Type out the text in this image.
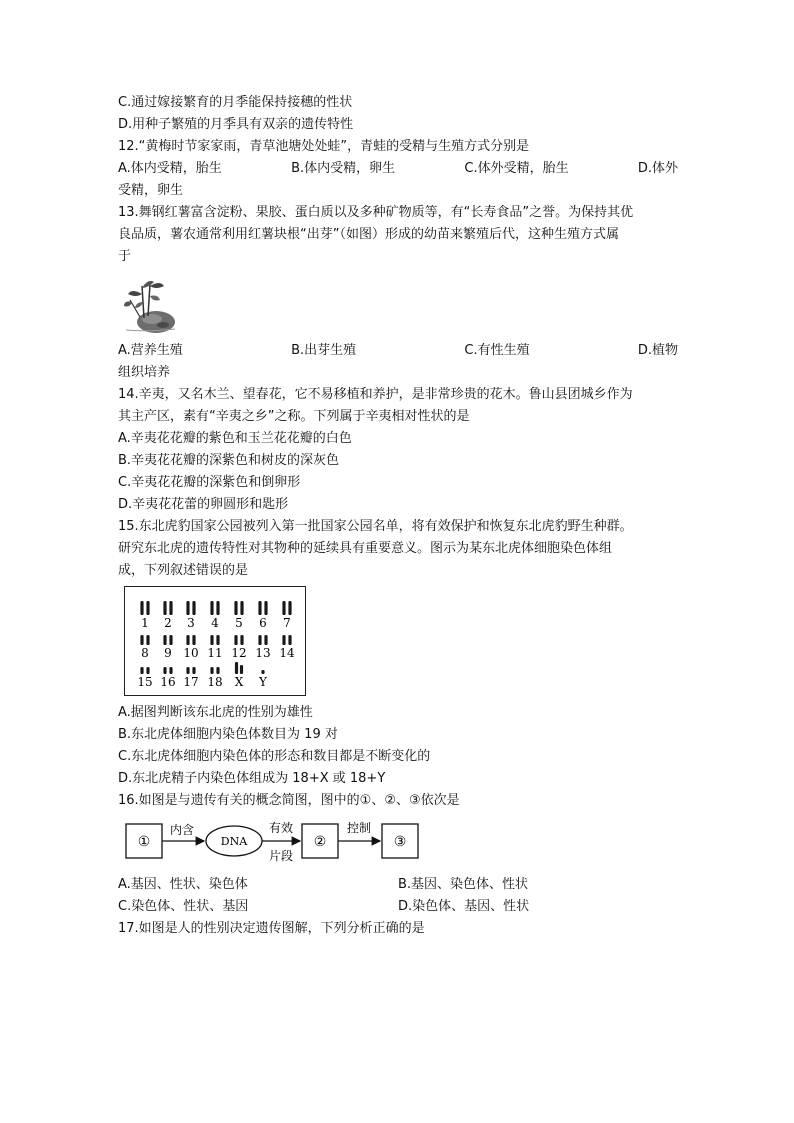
C.通过嫁接繁育的月季能保持接穗的性状
D.用种子繁殖的月季具有双亲的遗传特性
12.“黄梅时节家家雨，青草池塘处处蛙”，青蛙的受精与生殖方式分别是
A.体内受精，胎生	B.体内受精，卵生	C.体外受精，胎生	D.体外
受精，卵生
13.舞钢红薯富含淀粉、果胶、蛋白质以及多种矿物质等，有“长寿食品”之誉。为保持其优
良品质，薯农通常利用红薯块根“出芽”（如图）形成的幼苗来繁殖后代，这种生殖方式属
于
A.营养生殖	B.出芽生殖	C.有性生殖	D.植物
组织培养
14.辛夷，又名木兰、望春花，它不易移植和养护，是非常珍贵的花木。鲁山县团城乡作为
其主产区，素有“辛夷之乡”之称。下列属于辛夷相对性状的是
A.辛夷花花瓣的紫色和玉兰花花瓣的白色
B.辛夷花花瓣的深紫色和树皮的深灰色
C.辛夷花花瓣的深紫色和倒卵形
D.辛夷花花蕾的卵圆形和匙形
15.东北虎豹国家公园被列入第一批国家公园名单，将有效保护和恢复东北虎豹野生种群。
研究东北虎的遗传特性对其物种的延续具有重要意义。图示为某东北虎体细胞染色体组
成，下列叙述错误的是
1 2 3 4 5 6 7
8 9 10 11 12 13 14
15 16 17 18 X Y
A.据图判断该东北虎的性别为雄性
B.东北虎体细胞内染色体数目为 19 对
C.东北虎体细胞内染色体的形态和数目都是不断变化的
D.东北虎精子内染色体组成为 18+X 或 18+Y
16.如图是与遗传有关的概念简图，图中的①、②、③依次是
①
内含
DNA
有效
片段
②
控制
③
A.基因、性状、染色体	B.基因、染色体、性状
C.染色体、性状、基因	D.染色体、基因、性状
17.如图是人的性别决定遗传图解，下列分析正确的是
